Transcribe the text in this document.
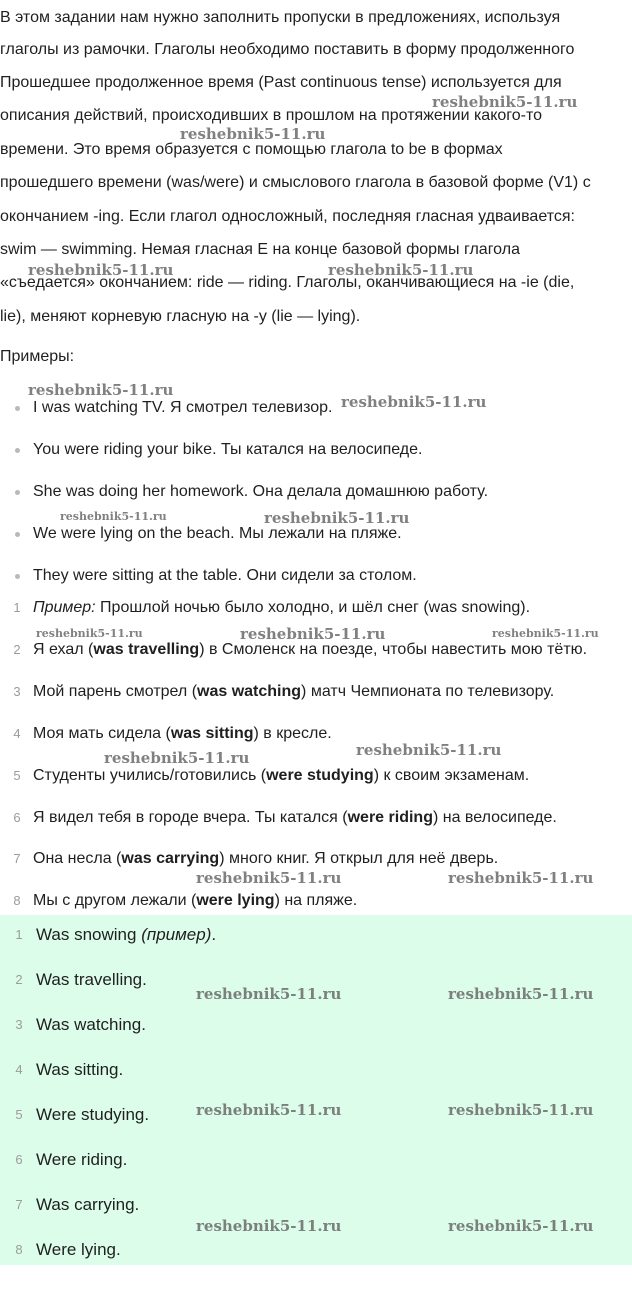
В этом задании нам нужно заполнить пропуски в предложениях, используя
глаголы из рамочки. Глаголы необходимо поставить в форму продолженного
Прошедшее продолженное время (Past continuous tense) используется для
описания действий, происходивших в прошлом на протяжении какого-то
времени. Это время образуется с помощью глагола to be в формах
прошедшего времени (was/were) и смыслового глагола в базовой форме (V1) с
окончанием -ing. Если глагол односложный, последняя гласная удваивается:
swim — swimming. Немая гласная Е на конце базовой формы глагола
«съедается» окончанием: ride — riding. Глаголы, оканчивающиеся на -ie (die,
lie), меняют корневую гласную на -y (lie — lying).
Примеры:
I was watching TV. Я смотрел телевизор.
You were riding your bike. Ты катался на велосипеде.
She was doing her homework. Она делала домашнюю работу.
We were lying on the beach. Мы лежали на пляже.
They were sitting at the table. Они сидели за столом.
1 Пример: Прошлой ночью было холодно, и шёл снег (was snowing).
2 Я ехал (was travelling) в Смоленск на поезде, чтобы навестить мою тётю.
3 Мой парень смотрел (was watching) матч Чемпионата по телевизору.
4 Моя мать сидела (was sitting) в кресле.
5 Студенты учились/готовились (were studying) к своим экзаменам.
6 Я видел тебя в городе вчера. Ты катался (were riding) на велосипеде.
7 Она несла (was carrying) много книг. Я открыл для неё дверь.
8 Мы с другом лежали (were lying) на пляже.
1 Was snowing (пример).
2 Was travelling.
3 Was watching.
4 Was sitting.
5 Were studying.
6 Were riding.
7 Was carrying.
8 Were lying.
reshebnik5-11.ru
reshebnik5-11.ru
reshebnik5-11.ru	reshebnik5-11.ru
reshebnik5-11.ru
reshebnik5-11.ru
reshebnik5-11.ru	reshebnik5-11.ru
reshebnik5-11.ru	reshebnik5-11.ru	reshebnik5-11.ru
reshebnik5-11.ru	reshebnik5-11.ru
reshebnik5-11.ru	reshebnik5-11.ru
reshebnik5-11.ru	reshebnik5-11.ru
reshebnik5-11.ru	reshebnik5-11.ru
reshebnik5-11.ru	reshebnik5-11.ru
